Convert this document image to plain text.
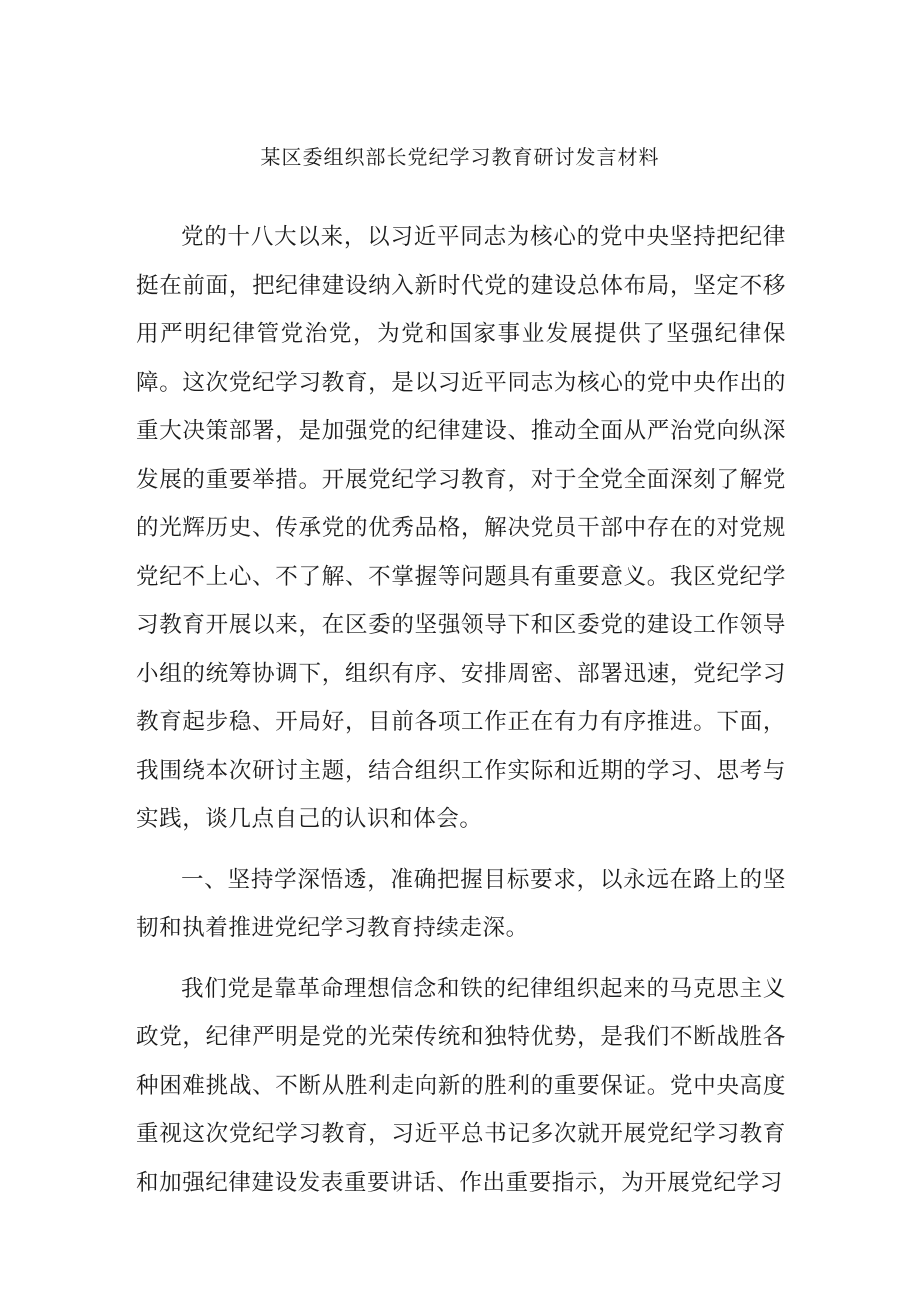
某区委组织部长党纪学习教育研讨发言材料

党的十八大以来，以习近平同志为核心的党中央坚持把纪律挺在前面，把纪律建设纳入新时代党的建设总体布局，坚定不移用严明纪律管党治党，为党和国家事业发展提供了坚强纪律保障。这次党纪学习教育，是以习近平同志为核心的党中央作出的重大决策部署，是加强党的纪律建设、推动全面从严治党向纵深发展的重要举措。开展党纪学习教育，对于全党全面深刻了解党的光辉历史、传承党的优秀品格，解决党员干部中存在的对党规党纪不上心、不了解、不掌握等问题具有重要意义。我区党纪学习教育开展以来，在区委的坚强领导下和区委党的建设工作领导小组的统筹协调下，组织有序、安排周密、部署迅速，党纪学习教育起步稳、开局好，目前各项工作正在有力有序推进。下面，我围绕本次研讨主题，结合组织工作实际和近期的学习、思考与实践，谈几点自己的认识和体会。

一、坚持学深悟透，准确把握目标要求，以永远在路上的坚韧和执着推进党纪学习教育持续走深。

我们党是靠革命理想信念和铁的纪律组织起来的马克思主义政党，纪律严明是党的光荣传统和独特优势，是我们不断战胜各种困难挑战、不断从胜利走向新的胜利的重要保证。党中央高度重视这次党纪学习教育，习近平总书记多次就开展党纪学习教育和加强纪律建设发表重要讲话、作出重要指示，为开展党纪学习
